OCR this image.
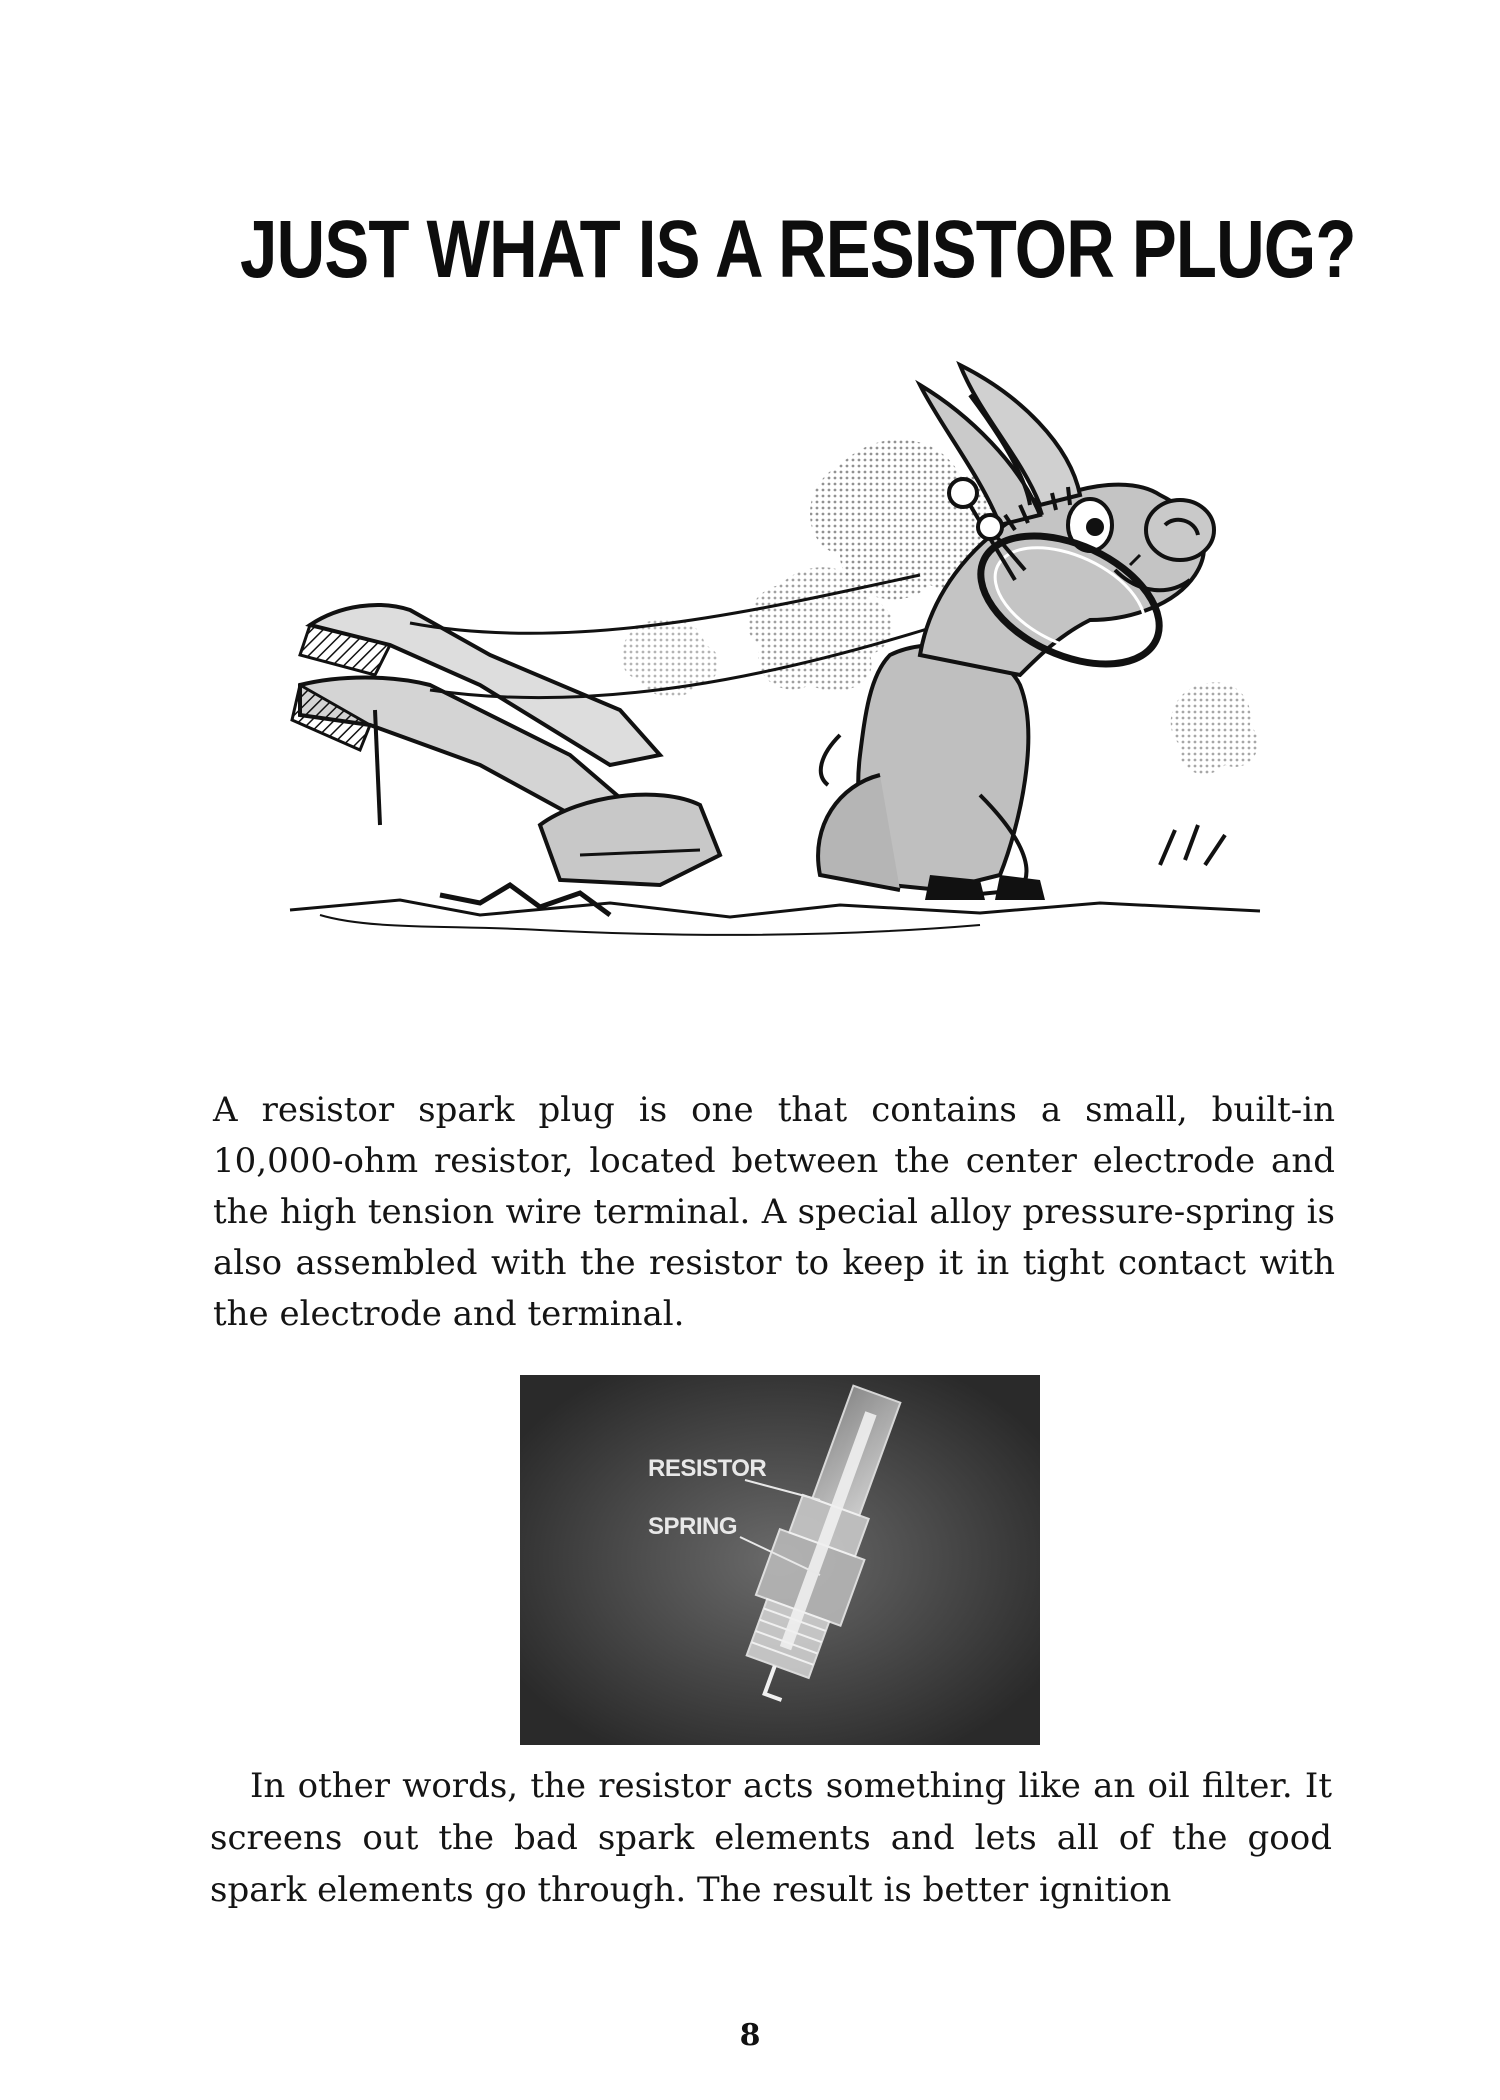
JUST WHAT IS A RESISTOR PLUG?

A resistor spark plug is one that contains a small, built-in 10,000-ohm resistor, located between the center electrode and the high tension wire terminal. A special alloy pressure-spring is also assembled with the resistor to keep it in tight contact with the electrode and terminal.

RESISTOR
SPRING

In other words, the resistor acts something like an oil filter. It screens out the bad spark elements and lets all of the good spark elements go through. The result is better ignition

8
